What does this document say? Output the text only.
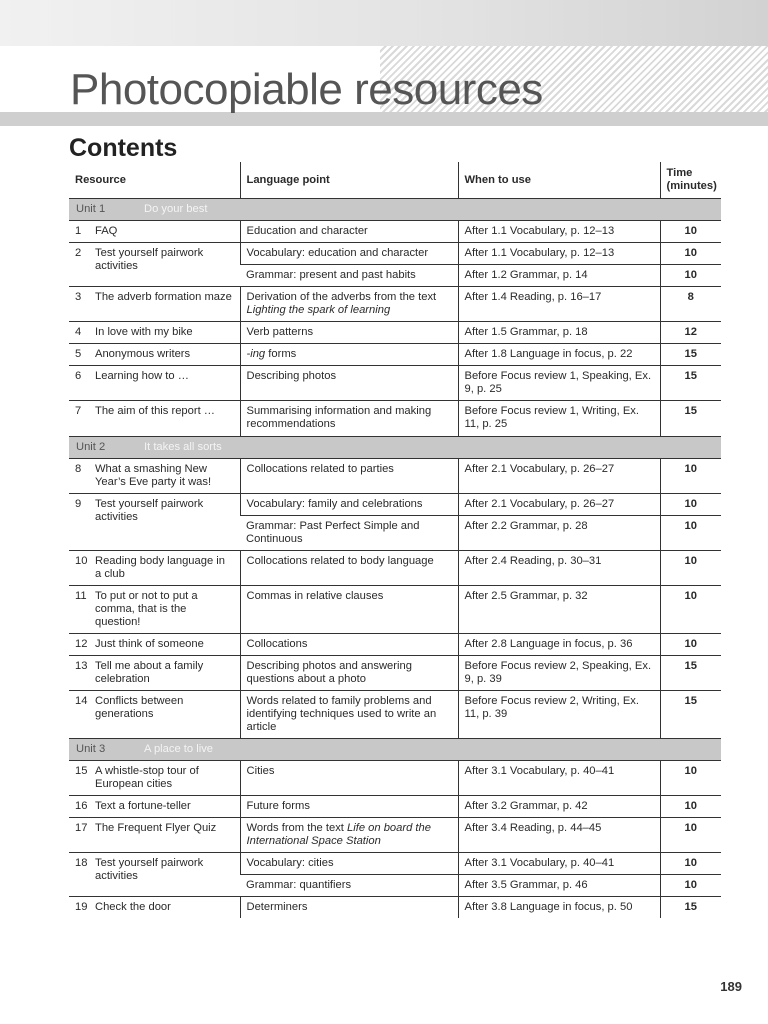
Photocopiable resources
Contents
Resource	Language point	When to use	Time
(minutes)

Unit 1 Do your best			

1 FAQ	Education and character	After 1.1 Vocabulary, p. 12–13	10

2 Test yourself pairwork activities	Vocabulary: education and character	After 1.1 Vocabulary, p. 12–13	10
	Grammar: present and past habits	After 1.2 Grammar, p. 14	10

3 The adverb formation maze	Derivation of the adverbs from the text
Lighting the spark of learning	After 1.4 Reading, p. 16–17	8

4 In love with my bike	Verb patterns	After 1.5 Grammar, p. 18	12

5 Anonymous writers	-ing forms	After 1.8 Language in focus, p. 22	15

6 Learning how to …	Describing photos	Before Focus review 1, Speaking, Ex. 9, p. 25	15

7 The aim of this report …	Summarising information and making recommendations	Before Focus review 1, Writing, Ex. 11, p. 25	15

Unit 2 It takes all sorts			

8 What a smashing New Year’s Eve party it was!	Collocations related to parties	After 2.1 Vocabulary, p. 26–27	10

9 Test yourself pairwork activities	Vocabulary: family and celebrations	After 2.1 Vocabulary, p. 26–27	10
	Grammar: Past Perfect Simple and Continuous	After 2.2 Grammar, p. 28	10

10 Reading body language in a club	Collocations related to body language	After 2.4 Reading, p. 30–31	10

11 To put or not to put a comma, that is the question!	Commas in relative clauses	After 2.5 Grammar, p. 32	10

12 Just think of someone	Collocations	After 2.8 Language in focus, p. 36	10

13 Tell me about a family celebration	Describing photos and answering questions about a photo	Before Focus review 2, Speaking, Ex. 9, p. 39	15

14 Conflicts between generations	Words related to family problems and identifying techniques used to write an article	Before Focus review 2, Writing, Ex. 11, p. 39	15

Unit 3 A place to live			

15 A whistle-stop tour of European cities	Cities	After 3.1 Vocabulary, p. 40–41	10

16 Text a fortune-teller	Future forms	After 3.2 Grammar, p. 42	10

17 The Frequent Flyer Quiz	Words from the text Life on board the International Space Station	After 3.4 Reading, p. 44–45	10

18 Test yourself pairwork activities	Vocabulary: cities	After 3.1 Vocabulary, p. 40–41	10
	Grammar: quantifiers	After 3.5 Grammar, p. 46	10

19 Check the door	Determiners	After 3.8 Language in focus, p. 50	15
189
